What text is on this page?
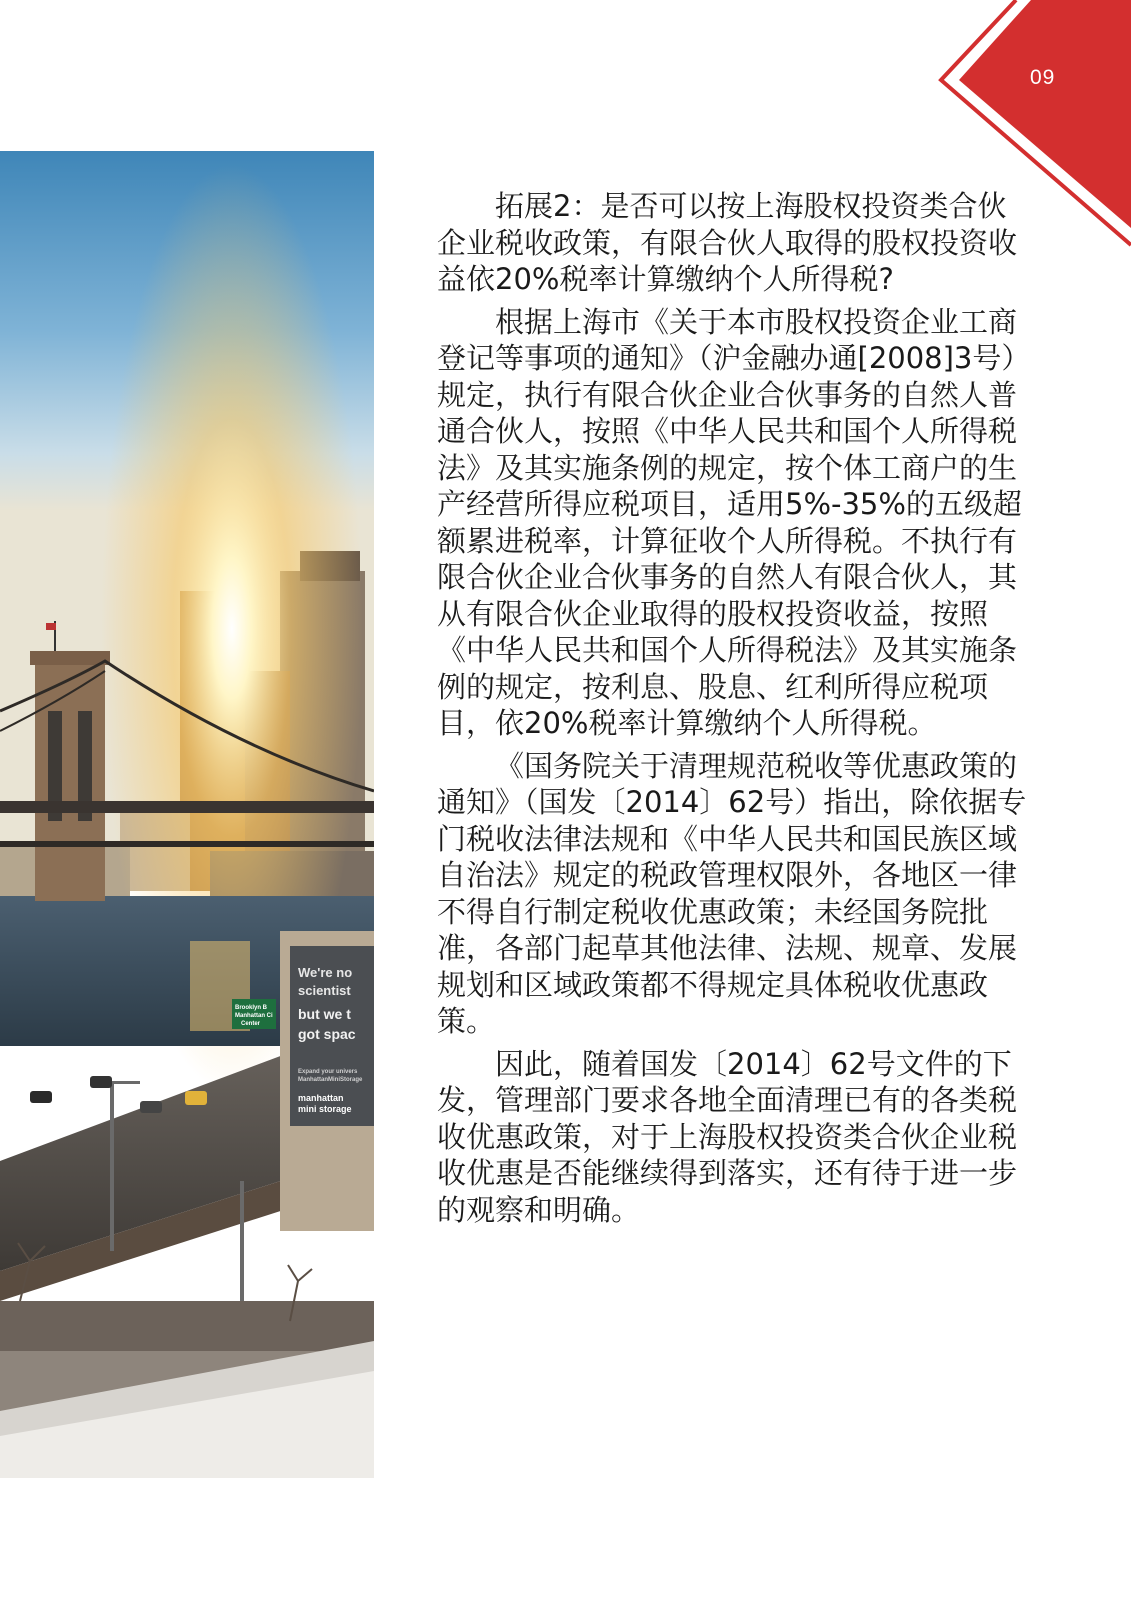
09
Brooklyn B
Manhattan Ci
Center
We're no
scientist
but we t
got spac
Expand your univers
ManhattanMiniStorage
manhattan
mini storage

拓展2：是否可以按上海股权投资类合伙企业税收政策，有限合伙人取得的股权投资收益依20%税率计算缴纳个人所得税?

根据上海市《关于本市股权投资企业工商登记等事项的通知》（沪金融办通[2008]3号）规定，执行有限合伙企业合伙事务的自然人普通合伙人，按照《中华人民共和国个人所得税法》及其实施条例的规定，按个体工商户的生产经营所得应税项目，适用5%-35%的五级超额累进税率，计算征收个人所得税。不执行有限合伙企业合伙事务的自然人有限合伙人，其从有限合伙企业取得的股权投资收益，按照《中华人民共和国个人所得税法》及其实施条例的规定，按利息、股息、红利所得应税项目，依20%税率计算缴纳个人所得税。

《国务院关于清理规范税收等优惠政策的通知》（国发〔2014〕62号）指出，除依据专门税收法律法规和《中华人民共和国民族区域自治法》规定的税政管理权限外，各地区一律不得自行制定税收优惠政策；未经国务院批准，各部门起草其他法律、法规、规章、发展规划和区域政策都不得规定具体税收优惠政策。

因此，随着国发〔2014〕62号文件的下发，管理部门要求各地全面清理已有的各类税收优惠政策，对于上海股权投资类合伙企业税收优惠是否能继续得到落实，还有待于进一步的观察和明确。
